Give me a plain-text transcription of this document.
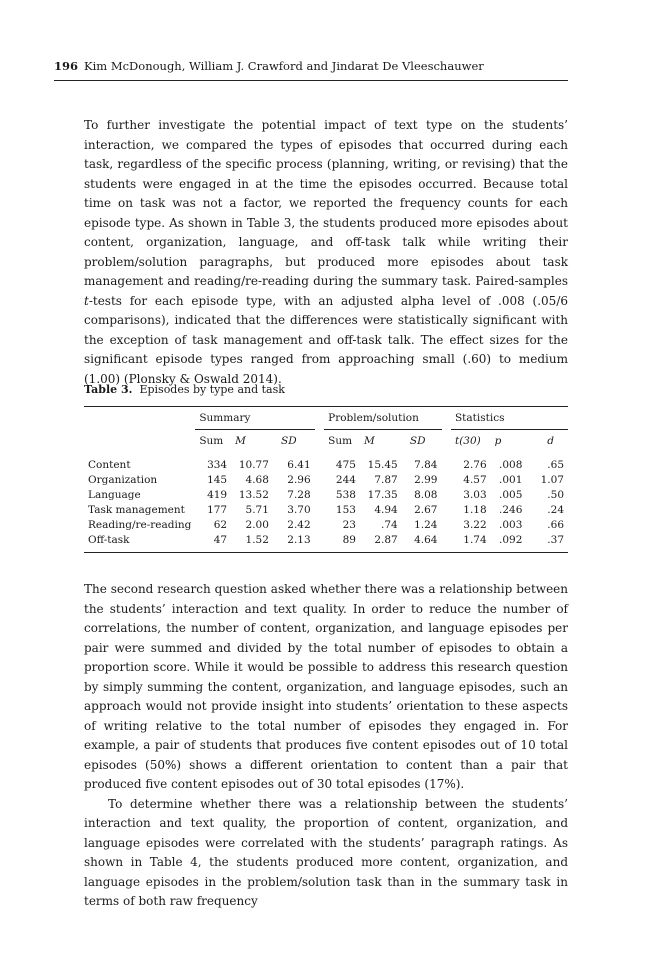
196 Kim McDonough, William J. Crawford and Jindarat De Vleeschauwer

To further investigate the potential impact of text type on the students’ interaction, we compared the types of episodes that occurred during each task, regardless of the specific process (planning, writing, or revising) that the students were engaged in at the time the episodes occurred. Because total time on task was not a factor, we reported the frequency counts for each episode type. As shown in Table 3, the students produced more episodes about content, organization, language, and off-task talk while writing their problem/solution paragraphs, but produced more episodes about task management and reading/re-reading during the summary task. Paired-samples t-tests for each episode type, with an adjusted alpha level of .008 (.05/6 comparisons), indicated that the differences were statistically significant with the exception of task management and off-task talk. The effect sizes for the significant episode types ranged from approaching small (.60) to medium (1.00) (Plonsky & Oswald 2014).

Table 3. Episodes by type and task
	Summary				Problem/solution				Statistics		
	Sum	M	SD		Sum	M	SD		t(30)	p	d
Content	334	10.77	6.41		475	15.45	7.84		2.76	.008	.65
Organization	145	4.68	2.96		244	7.87	2.99		4.57	.001	1.07
Language	419	13.52	7.28		538	17.35	8.08		3.03	.005	.50
Task management	177	5.71	3.70		153	4.94	2.67		1.18	.246	.24
Reading/re-reading	62	2.00	2.42		23	.74	1.24		3.22	.003	.66
Off-task	47	1.52	2.13		89	2.87	4.64		1.74	.092	.37

The second research question asked whether there was a relationship between the students’ interaction and text quality. In order to reduce the number of correlations, the number of content, organization, and language episodes per pair were summed and divided by the total number of episodes to obtain a proportion score. While it would be possible to address this research question by simply summing the content, organization, and language episodes, such an approach would not provide insight into students’ orientation to these aspects of writing relative to the total number of episodes they engaged in. For example, a pair of students that produces five content episodes out of 10 total episodes (50%) shows a different orientation to content than a pair that produced five content episodes out of 30 total episodes (17%).

To determine whether there was a relationship between the students’ interaction and text quality, the proportion of content, organization, and language episodes were correlated with the students’ paragraph ratings. As shown in Table 4, the students produced more content, organization, and language episodes in the problem/solution task than in the summary task in terms of both raw frequency
